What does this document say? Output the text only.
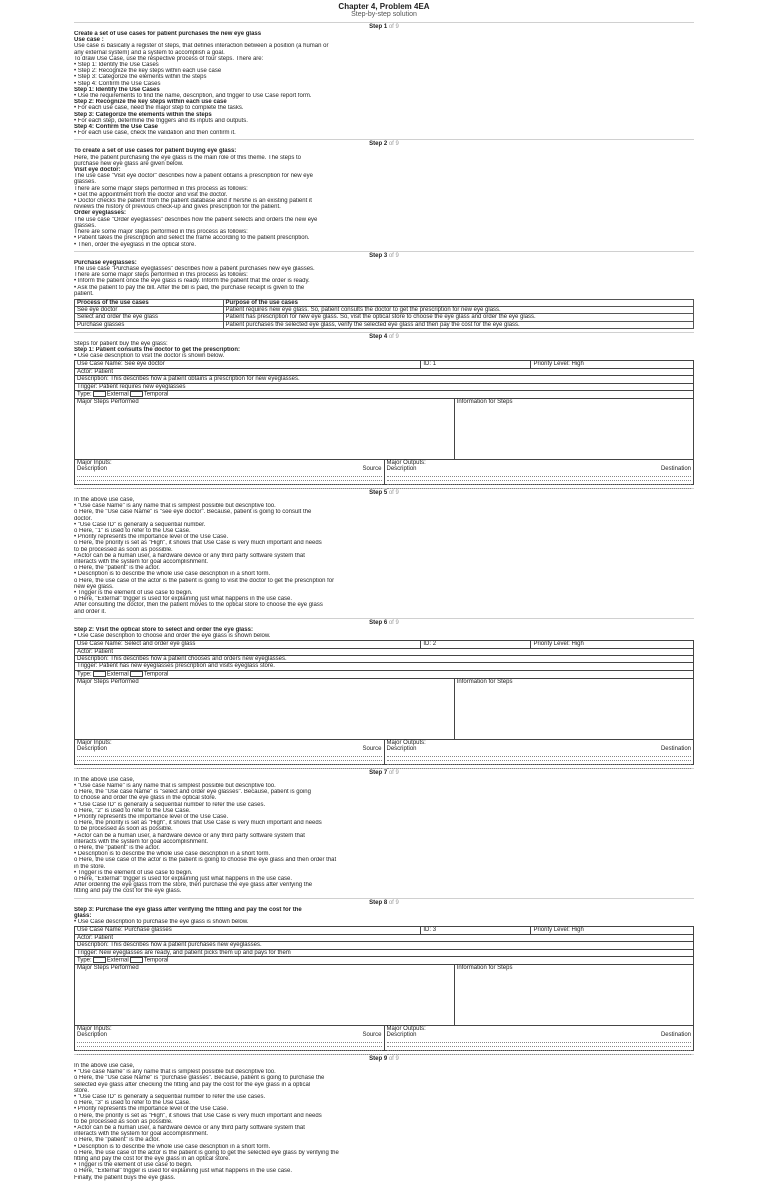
Chapter 4, Problem 4EA
Step-by-step solution
Step 1 of 9
Create a set of use cases for patient purchases the new eye glass
Use case :
Use case is basically a register of steps, that defines interaction between a position (a human or
any external system) and a system to accomplish a goal.
To draw Use Case, use the respective process of four steps. There are:
• Step 1: Identify the Use Cases
• Step 2: Recognize the key steps within each use case
• Step 3: Categorize the elements within the steps
• Step 4: Confirm the Use Cases
Step 1: Identify the Use Cases
• Use the requirements to find the name, description, and trigger to Use Case report form.
Step 2: Recognize the key steps within each use case
• For each use case, need the major step to complete the tasks.
Step 3: Categorize the elements within the steps
• For each step, determine the triggers and its inputs and outputs.
Step 4: Confirm the Use Case
• For each use case, check the validation and then confirm it.
Step 2 of 9
To create a set of use cases for patient buying eye glass:
Here, the patient purchasing the eye glass is the main role of this theme. The steps to
purchase new eye glass are given below.
Visit eye doctor:
The use case "Visit eye doctor" describes how a patient obtains a prescription for new eye
glasses.
There are some major steps performed in this process as follows:
• Get the appointment from the doctor and visit the doctor.
• Doctor checks the patient from the patient database and if he/she is an existing patient it
reviews the history of previous check-up and gives prescription for the patient.
Order eyeglasses:
The use case "Order eyeglasses" describes how the patient selects and orders the new eye
glasses.
There are some major steps performed in this process as follows:
• Patient takes the prescription and select the frame according to the patient prescription.
• Then, order the eyeglass in the optical store.
Step 3 of 9
Purchase eyeglasses:
The use case "Purchase eyeglasses" describes how a patient purchases new eye glasses.
There are some major steps performed in this process as follows:
• Inform the patient once the eye glass is ready. Inform the patient that the order is ready.
• Ask the patient to pay the bill. After the bill is paid, the purchase receipt is given to the
patient.
Process of the use cases	Purpose of the use cases
See eye doctor	Patient requires new eye glass. So, patient consults the doctor to get the prescription for new eye glass.
Select and order the eye glass	Patient has prescription for new eye glass. So, visit the optical store to choose the eye glass and order the eye glass.
Purchase glasses	Patient purchases the selected eye glass, verify the selected eye glass and then pay the cost for the eye glass.
Step 4 of 9
Steps for patient buy the eye glass:
Step 1: Patient consults the doctor to get the prescription:
• Use case description to visit the doctor is shown below.
Use Case Name: See eye doctor	ID: 1	Priority Level: High
Actor: Patient
Description: This describes how a patient obtains a prescription for new eyeglasses.
Trigger: Patient requires new eyeglasses
Type:	External	Temporal
Major Steps Performed	Information for Steps
Major Inputs:
Description	Source
Major Outputs:
Description	Destination
Step 5 of 9
In the above use case,
• "Use case Name" is any name that is simplest possible but descriptive too.
o Here, the "Use case Name" is "see eye doctor". Because, patient is going to consult the
doctor.
• "Use Case ID" is generally a sequential number.
o Here, "1" is used to refer to the Use Case.
• Priority represents the importance level of the Use Case.
o Here, the priority is set as "High", it shows that Use Case is very much important and needs
to be processed as soon as possible.
• Actor can be a human user, a hardware device or any third party software system that
interacts with the system for goal accomplishment.
o Here, the "patient" is the actor.
• Description is to describe the whole use case description in a short form.
o Here, the use case of the actor is the patient is going to visit the doctor to get the prescription for
new eye glass.
• Trigger is the element of use case to begin.
o Here, "External" trigger is used for explaining just what happens in the use case.
After consulting the doctor, then the patient moves to the optical store to choose the eye glass
and order it.
Step 6 of 9
Step 2: Visit the optical store to select and order the eye glass:
• Use Case description to choose and order the eye glass is shown below.
Use Case Name: Select and order eye glass	ID: 2	Priority Level: High
Actor: Patient
Description: This describes how a patient chooses and orders new eyeglasses.
Trigger: Patient has new eyeglasses prescription and visits eyeglass store.
Type:	External	Temporal
Major Steps Performed	Information for Steps
Major Inputs:
Description	Source
Major Outputs:
Description	Destination
Step 7 of 9
In the above use case,
• "Use case Name" is any name that is simplest possible but descriptive too.
o Here, the "Use case Name" is "select and order eye glasses". Because, patient is going
to choose and order the eye glass in the optical store.
• "Use Case ID" is generally a sequential number to refer the use cases.
o Here, "2" is used to refer to the Use Case.
• Priority represents the importance level of the Use Case.
o Here, the priority is set as "High", it shows that Use Case is very much important and needs
to be processed as soon as possible.
• Actor can be a human user, a hardware device or any third party software system that
interacts with the system for goal accomplishment.
o Here, the "patient" is the actor.
• Description is to describe the whole use case description in a short form.
o Here, the use case of the actor is the patient is going to choose the eye glass and then order that
in the store.
• Trigger is the element of use case to begin.
o Here, "External" trigger is used for explaining just what happens in the use case.
After ordering the eye glass from the store, then purchase the eye glass after verifying the
fitting and pay the cost for the eye glass.
Step 8 of 9
Step 3: Purchase the eye glass after verifying the fitting and pay the cost for the
glass:
• Use Case description to purchase the eye glass is shown below.
Use Case Name: Purchase glasses	ID: 3	Priority Level: High
Actor: Patient
Description: This describes how a patient purchases new eyeglasses.
Trigger: New eyeglasses are ready, and patient picks them up and pays for them
Type:	External	Temporal
Major Steps Performed	Information for Steps
Major Inputs:
Description	Source
Major Outputs:
Description	Destination
Step 9 of 9
In the above use case,
• "Use case Name" is any name that is simplest possible but descriptive too.
o Here, the "Use case Name" is "purchase glasses". Because, patient is going to purchase the
selected eye glass after checking the fitting and pay the cost for the eye glass in a optical
store.
• "Use Case ID" is generally a sequential number to refer the use cases.
o Here, "3" is used to refer to the Use Case.
• Priority represents the importance level of the Use Case.
o Here, the priority is set as "High", it shows that Use Case is very much important and needs
to be processed as soon as possible.
• Actor can be a human user, a hardware device or any third party software system that
interacts with the system for goal accomplishment.
o Here, the "patient" is the actor.
• Description is to describe the whole use case description in a short form.
o Here, the use case of the actor is the patient is going to get the selected eye glass by verifying the
fitting and pay the cost for the eye glass in an optical store.
• Trigger is the element of use case to begin.
o Here, "External" trigger is used for explaining just what happens in the use case.
Finally, the patient buys the eye glass.
